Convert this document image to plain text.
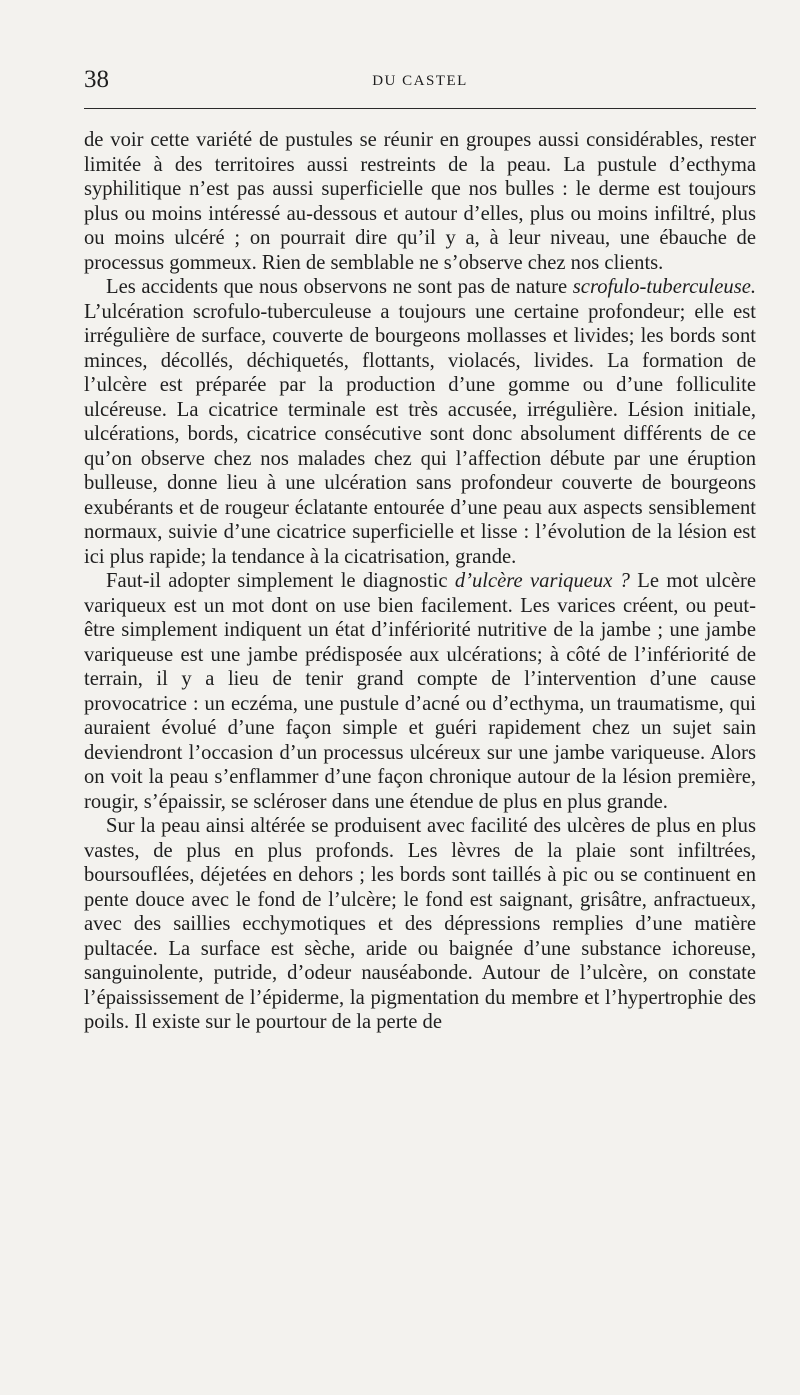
38	DU CASTEL

de voir cette variété de pustules se réunir en groupes aussi considérables, rester limitée à des territoires aussi restreints de la peau. La pustule d’ecthyma syphilitique n’est pas aussi superficielle que nos bulles : le derme est toujours plus ou moins intéressé au-dessous et autour d’elles, plus ou moins infiltré, plus ou moins ulcéré ; on pourrait dire qu’il y a, à leur niveau, une ébauche de processus gommeux. Rien de semblable ne s’observe chez nos clients.

Les accidents que nous observons ne sont pas de nature scrofulo-tuberculeuse. L’ulcération scrofulo-tuberculeuse a toujours une certaine profondeur; elle est irrégulière de surface, couverte de bourgeons mollasses et livides; les bords sont minces, décollés, déchiquetés, flottants, violacés, livides. La formation de l’ulcère est préparée par la production d’une gomme ou d’une folliculite ulcéreuse. La cicatrice terminale est très accusée, irrégulière. Lésion initiale, ulcérations, bords, cicatrice consécutive sont donc absolument différents de ce qu’on observe chez nos malades chez qui l’affection débute par une éruption bulleuse, donne lieu à une ulcération sans profondeur couverte de bourgeons exubérants et de rougeur éclatante entourée d’une peau aux aspects sensiblement normaux, suivie d’une cicatrice superficielle et lisse : l’évolution de la lésion est ici plus rapide; la tendance à la cicatrisation, grande.

Faut-il adopter simplement le diagnostic d’ulcère variqueux ? Le mot ulcère variqueux est un mot dont on use bien facilement. Les varices créent, ou peut-être simplement indiquent un état d’infériorité nutritive de la jambe ; une jambe variqueuse est une jambe prédisposée aux ulcérations; à côté de l’infériorité de terrain, il y a lieu de tenir grand compte de l’intervention d’une cause provocatrice : un eczéma, une pustule d’acné ou d’ecthyma, un traumatisme, qui auraient évolué d’une façon simple et guéri rapidement chez un sujet sain deviendront l’occasion d’un processus ulcéreux sur une jambe variqueuse. Alors on voit la peau s’enflammer d’une façon chronique autour de la lésion première, rougir, s’épaissir, se scléroser dans une étendue de plus en plus grande.

Sur la peau ainsi altérée se produisent avec facilité des ulcères de plus en plus vastes, de plus en plus profonds. Les lèvres de la plaie sont infiltrées, boursouflées, déjetées en dehors ; les bords sont taillés à pic ou se continuent en pente douce avec le fond de l’ulcère; le fond est saignant, grisâtre, anfractueux, avec des saillies ecchymotiques et des dépressions remplies d’une matière pultacée. La surface est sèche, aride ou baignée d’une substance ichoreuse, sanguinolente, putride, d’odeur nauséabonde. Autour de l’ulcère, on constate l’épaississement de l’épiderme, la pigmentation du membre et l’hypertrophie des poils. Il existe sur le pourtour de la perte de
